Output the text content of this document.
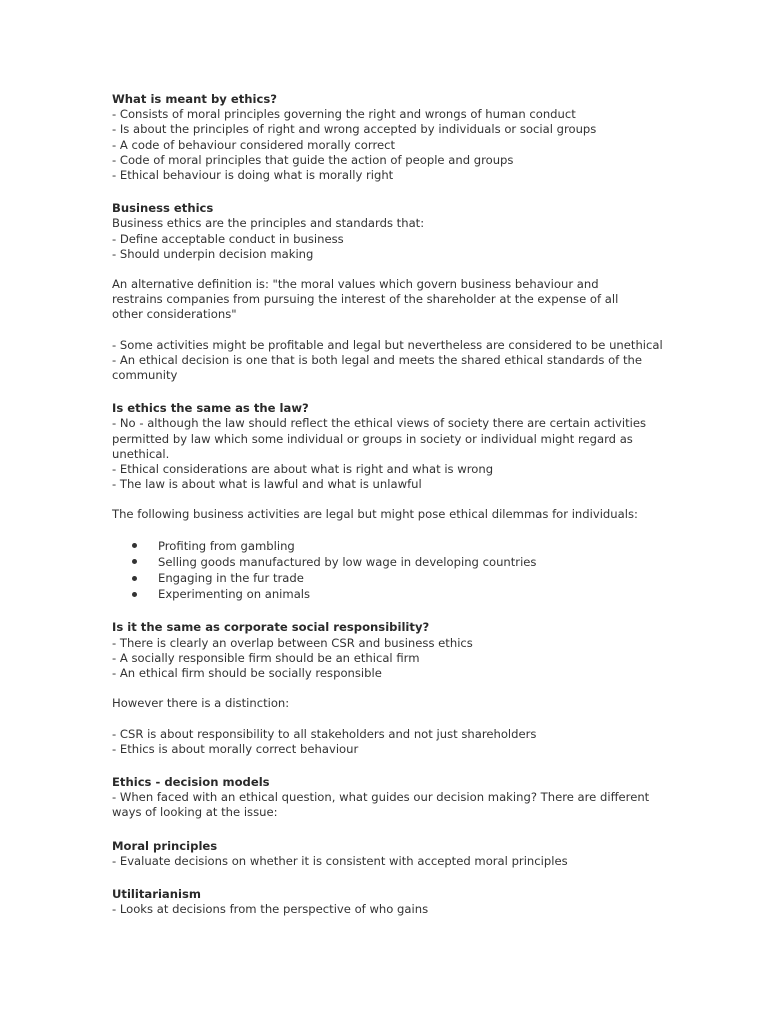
What is meant by ethics?
- Consists of moral principles governing the right and wrongs of human conduct
- Is about the principles of right and wrong accepted by individuals or social groups
- A code of behaviour considered morally correct
- Code of moral principles that guide the action of people and groups
- Ethical behaviour is doing what is morally right
Business ethics
Business ethics are the principles and standards that:
- Define acceptable conduct in business
- Should underpin decision making
An alternative definition is: "the moral values which govern business behaviour and restrains companies from pursuing the interest of the shareholder at the expense of all other considerations"
- Some activities might be profitable and legal but nevertheless are considered to be unethical
- An ethical decision is one that is both legal and meets the shared ethical standards of the community
Is ethics the same as the law?
- No - although the law should reflect the ethical views of society there are certain activities permitted by law which some individual or groups in society or individual might regard as unethical.
- Ethical considerations are about what is right and what is wrong
- The law is about what is lawful and what is unlawful
The following business activities are legal but might pose ethical dilemmas for individuals:
Profiting from gambling
Selling goods manufactured by low wage in developing countries
Engaging in the fur trade
Experimenting on animals
Is it the same as corporate social responsibility?
- There is clearly an overlap between CSR and business ethics
- A socially responsible firm should be an ethical firm
- An ethical firm should be socially responsible
However there is a distinction:
- CSR is about responsibility to all stakeholders and not just shareholders
- Ethics is about morally correct behaviour
Ethics - decision models
- When faced with an ethical question, what guides our decision making? There are different ways of looking at the issue:
Moral principles
- Evaluate decisions on whether it is consistent with accepted moral principles
Utilitarianism
- Looks at decisions from the perspective of who gains
